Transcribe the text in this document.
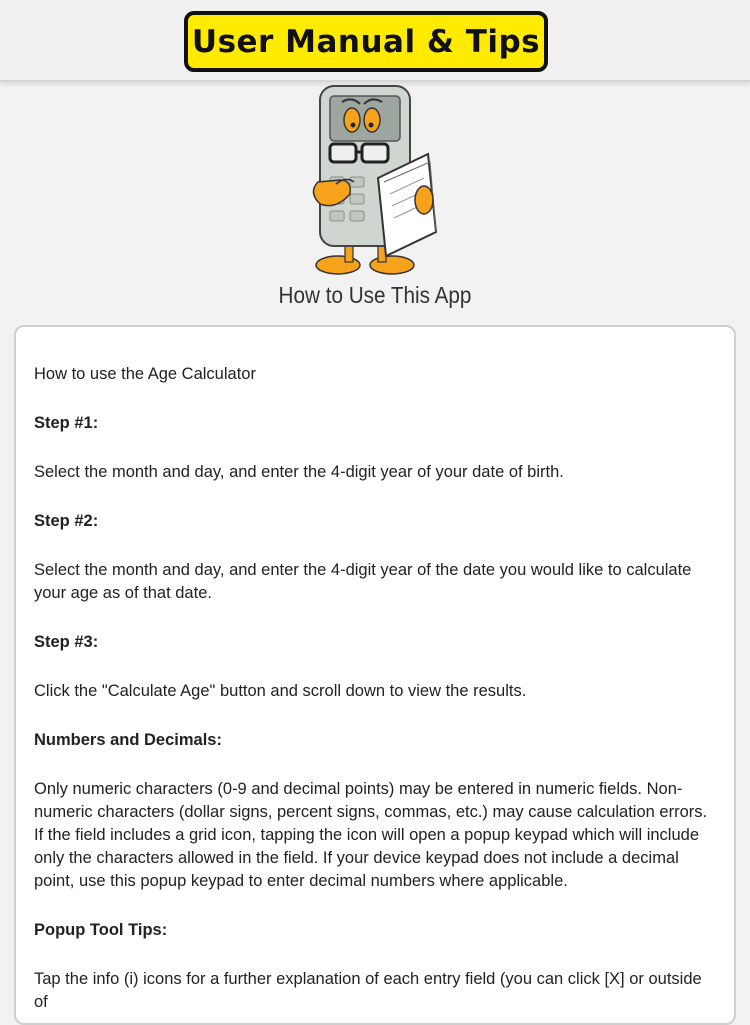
User Manual & Tips
How to Use This App

How to use the Age Calculator

Step #1:

Select the month and day, and enter the 4-digit year of your date of birth.

Step #2:

Select the month and day, and enter the 4-digit year of the date you would like to calculate your age as of that date.

Step #3:

Click the "Calculate Age" button and scroll down to view the results.

Numbers and Decimals:

Only numeric characters (0-9 and decimal points) may be entered in numeric fields. Non-numeric characters (dollar signs, percent signs, commas, etc.) may cause calculation errors. If the field includes a grid icon, tapping the icon will open a popup keypad which will include only the characters allowed in the field. If your device keypad does not include a decimal point, use this popup keypad to enter decimal numbers where applicable.

Popup Tool Tips:

Tap the info (i) icons for a further explanation of each entry field (you can click [X] or outside of
